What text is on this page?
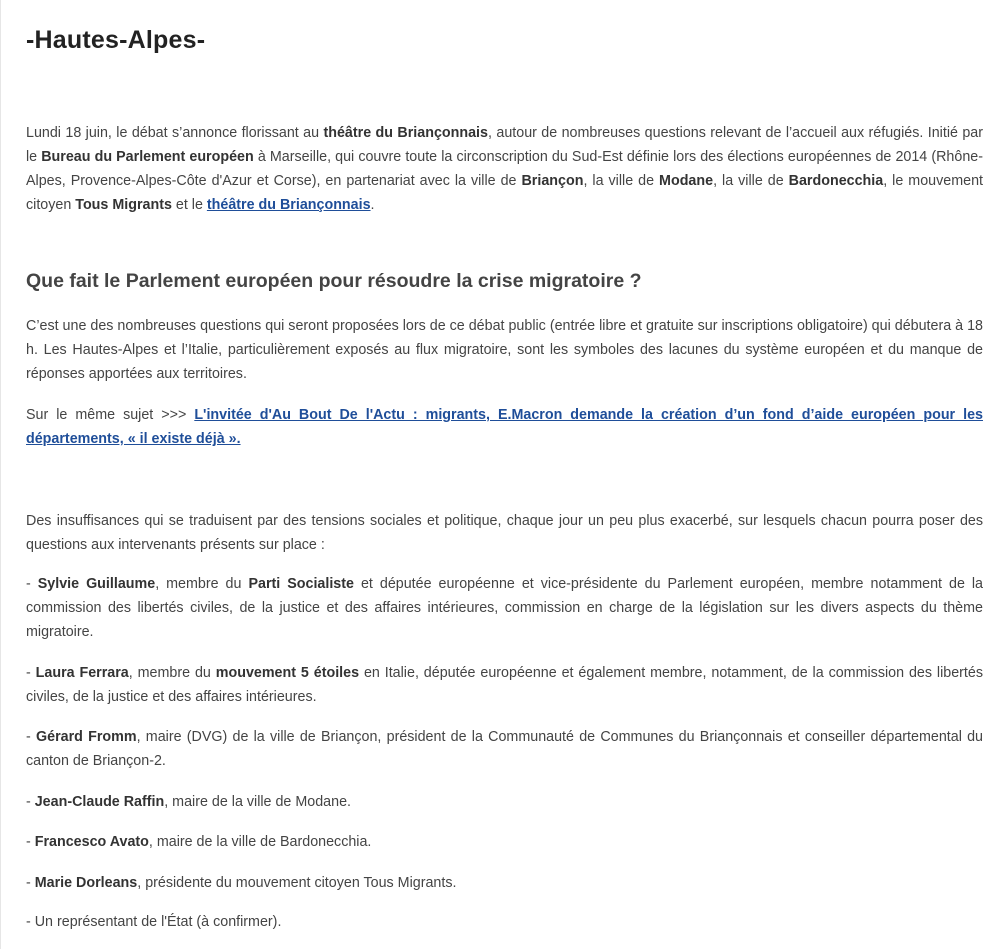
-Hautes-Alpes-

Lundi 18 juin, le débat s’annonce florissant au théâtre du Briançonnais, autour de nombreuses questions relevant de l’accueil aux réfugiés. Initié par le Bureau du Parlement européen à Marseille, qui couvre toute la circonscription du Sud-Est définie lors des élections européennes de 2014 (Rhône-Alpes, Provence-Alpes-Côte d'Azur et Corse), en partenariat avec la ville de Briançon, la ville de Modane, la ville de Bardonecchia, le mouvement citoyen Tous Migrants et le théâtre du Briançonnais.

Que fait le Parlement européen pour résoudre la crise migratoire ?

C’est une des nombreuses questions qui seront proposées lors de ce débat public (entrée libre et gratuite sur inscriptions obligatoire) qui débutera à 18 h. Les Hautes-Alpes et l’Italie, particulièrement exposés au flux migratoire, sont les symboles des lacunes du système européen et du manque de réponses apportées aux territoires.

Sur le même sujet >>> L'invitée d'Au Bout De l'Actu : migrants, E.Macron demande la création d’un fond d’aide européen pour les départements, « il existe déjà ».

Des insuffisances qui se traduisent par des tensions sociales et politique, chaque jour un peu plus exacerbé, sur lesquels chacun pourra poser des questions aux intervenants présents sur place :

- Sylvie Guillaume, membre du Parti Socialiste et députée européenne et vice-présidente du Parlement européen, membre notamment de la commission des libertés civiles, de la justice et des affaires intérieures, commission en charge de la législation sur les divers aspects du thème migratoire.

- Laura Ferrara, membre du mouvement 5 étoiles en Italie, députée européenne et également membre, notamment, de la commission des libertés civiles, de la justice et des affaires intérieures.

- Gérard Fromm, maire (DVG) de la ville de Briançon, président de la Communauté de Communes du Briançonnais et conseiller départemental du canton de Briançon-2.

- Jean-Claude Raffin, maire de la ville de Modane.

- Francesco Avato, maire de la ville de Bardonecchia.

- Marie Dorleans, présidente du mouvement citoyen Tous Migrants.

- Un représentant de l'État (à confirmer).
